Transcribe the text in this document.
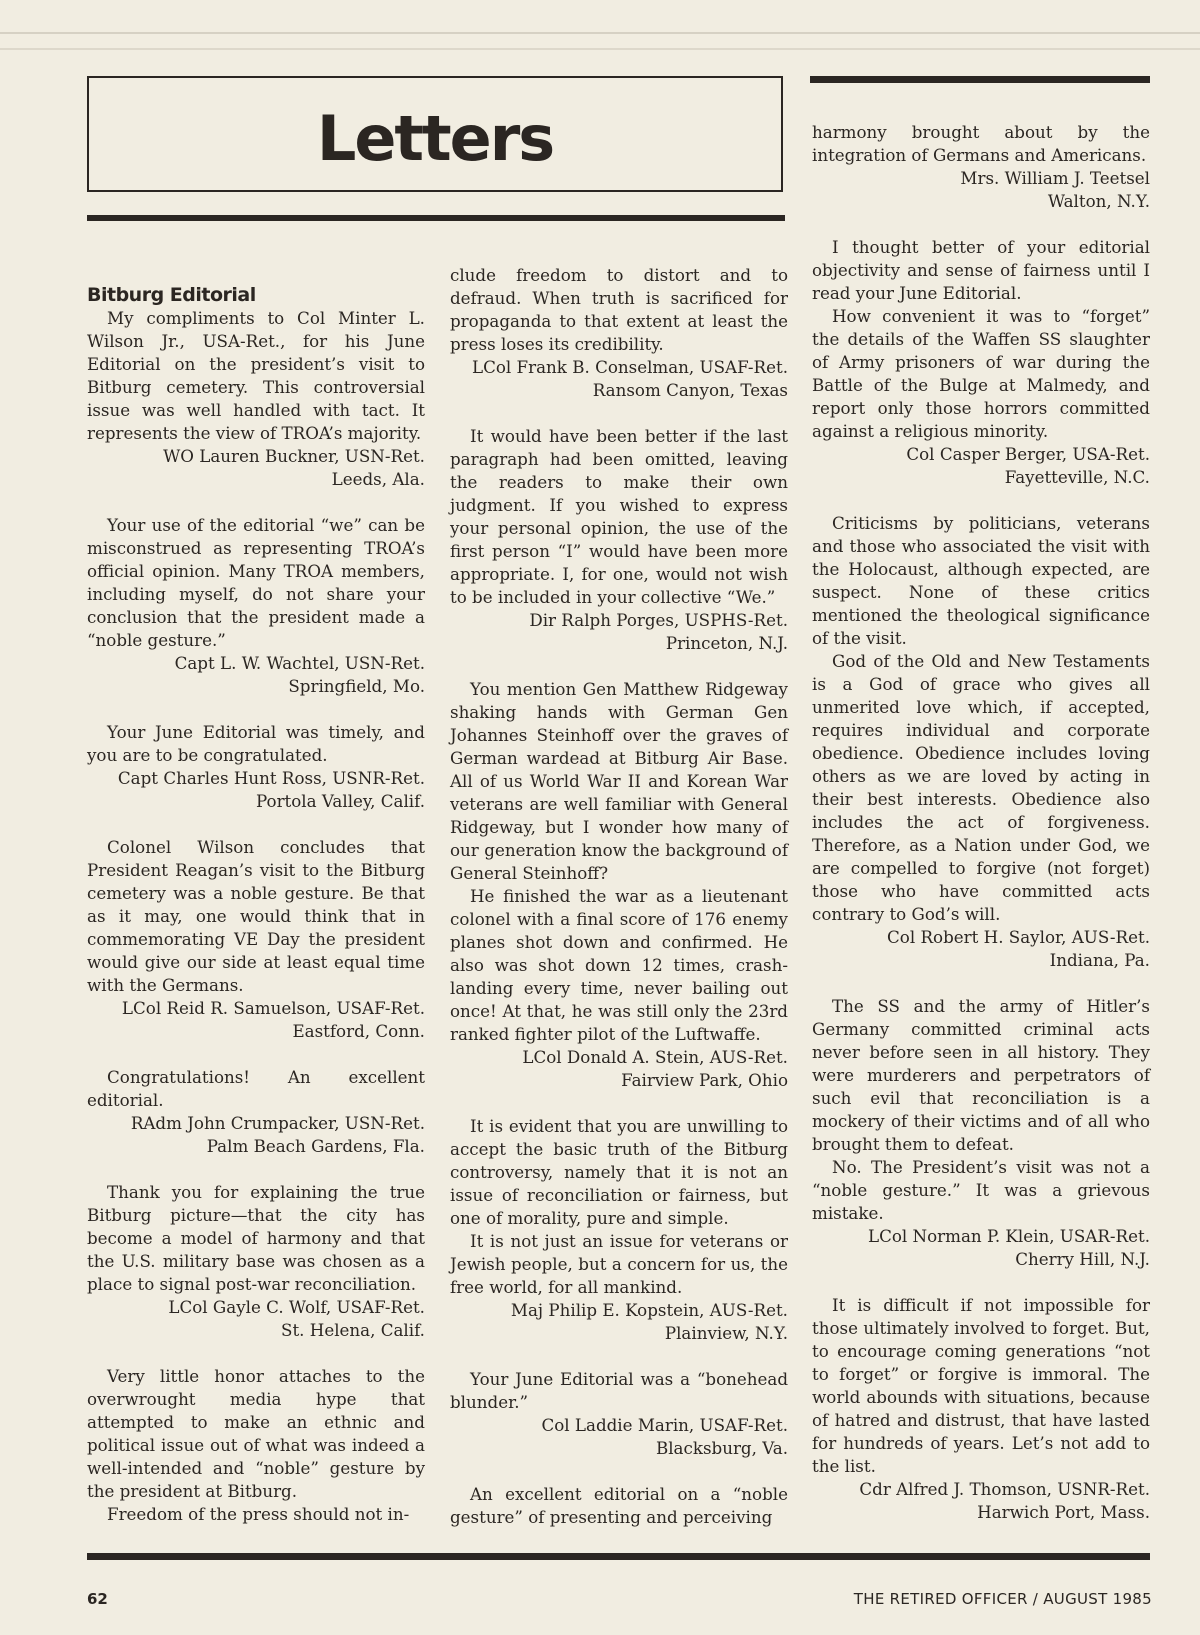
Letters

Bitburg Editorial

My compliments to Col Minter L. Wilson Jr., USA-Ret., for his June Editorial on the president’s visit to Bitburg cemetery. This controversial issue was well handled with tact. It represents the view of TROA’s majority.

WO Lauren Buckner, USN-Ret.
Leeds, Ala.

Your use of the editorial “we” can be misconstrued as representing TROA’s official opinion. Many TROA members, including myself, do not share your conclusion that the president made a “noble gesture.”

Capt L. W. Wachtel, USN-Ret.
Springfield, Mo.

Your June Editorial was timely, and you are to be congratulated.

Capt Charles Hunt Ross, USNR-Ret.
Portola Valley, Calif.

Colonel Wilson concludes that President Reagan’s visit to the Bitburg cemetery was a noble gesture. Be that as it may, one would think that in commemorating VE Day the president would give our side at least equal time with the Germans.

LCol Reid R. Samuelson, USAF-Ret.
Eastford, Conn.

Congratulations! An excellent editorial.

RAdm John Crumpacker, USN-Ret.
Palm Beach Gardens, Fla.

Thank you for explaining the true Bitburg picture—that the city has become a model of harmony and that the U.S. military base was chosen as a place to signal post-war reconciliation.

LCol Gayle C. Wolf, USAF-Ret.
St. Helena, Calif.

Very little honor attaches to the overwrought media hype that attempted to make an ethnic and political issue out of what was indeed a well-intended and “noble” gesture by the president at Bitburg.

Freedom of the press should not in-

clude freedom to distort and to defraud. When truth is sacrificed for propaganda to that extent at least the press loses its credibility.

LCol Frank B. Conselman, USAF-Ret.
Ransom Canyon, Texas

It would have been better if the last paragraph had been omitted, leaving the readers to make their own judgment. If you wished to express your personal opinion, the use of the first person “I” would have been more appropriate. I, for one, would not wish to be included in your collective “We.”

Dir Ralph Porges, USPHS-Ret.
Princeton, N.J.

You mention Gen Matthew Ridgeway shaking hands with German Gen Johannes Steinhoff over the graves of German wardead at Bitburg Air Base. All of us World War II and Korean War veterans are well familiar with General Ridgeway, but I wonder how many of our generation know the background of General Steinhoff?

He finished the war as a lieutenant colonel with a final score of 176 enemy planes shot down and confirmed. He also was shot down 12 times, crash-landing every time, never bailing out once! At that, he was still only the 23rd ranked fighter pilot of the Luftwaffe.

LCol Donald A. Stein, AUS-Ret.
Fairview Park, Ohio

It is evident that you are unwilling to accept the basic truth of the Bitburg controversy, namely that it is not an issue of reconciliation or fairness, but one of morality, pure and simple.

It is not just an issue for veterans or Jewish people, but a concern for us, the free world, for all mankind.

Maj Philip E. Kopstein, AUS-Ret.
Plainview, N.Y.

Your June Editorial was a “bonehead blunder.”

Col Laddie Marin, USAF-Ret.
Blacksburg, Va.

An excellent editorial on a “noble gesture” of presenting and perceiving

harmony brought about by the integration of Germans and Americans.

Mrs. William J. Teetsel
Walton, N.Y.

I thought better of your editorial objectivity and sense of fairness until I read your June Editorial.

How convenient it was to “forget” the details of the Waffen SS slaughter of Army prisoners of war during the Battle of the Bulge at Malmedy, and report only those horrors committed against a religious minority.

Col Casper Berger, USA-Ret.
Fayetteville, N.C.

Criticisms by politicians, veterans and those who associated the visit with the Holocaust, although expected, are suspect. None of these critics mentioned the theological significance of the visit.

God of the Old and New Testaments is a God of grace who gives all unmerited love which, if accepted, requires individual and corporate obedience. Obedience includes loving others as we are loved by acting in their best interests. Obedience also includes the act of forgiveness. Therefore, as a Nation under God, we are compelled to forgive (not forget) those who have committed acts contrary to God’s will.

Col Robert H. Saylor, AUS-Ret.
Indiana, Pa.

The SS and the army of Hitler’s Germany committed criminal acts never before seen in all history. They were murderers and perpetrators of such evil that reconciliation is a mockery of their victims and of all who brought them to defeat.

No. The President’s visit was not a “noble gesture.” It was a grievous mistake.

LCol Norman P. Klein, USAR-Ret.
Cherry Hill, N.J.

It is difficult if not impossible for those ultimately involved to forget. But, to encourage coming generations “not to forget” or forgive is immoral. The world abounds with situations, because of hatred and distrust, that have lasted for hundreds of years. Let’s not add to the list.

Cdr Alfred J. Thomson, USNR-Ret.
Harwich Port, Mass.
62	THE RETIRED OFFICER / AUGUST 1985
